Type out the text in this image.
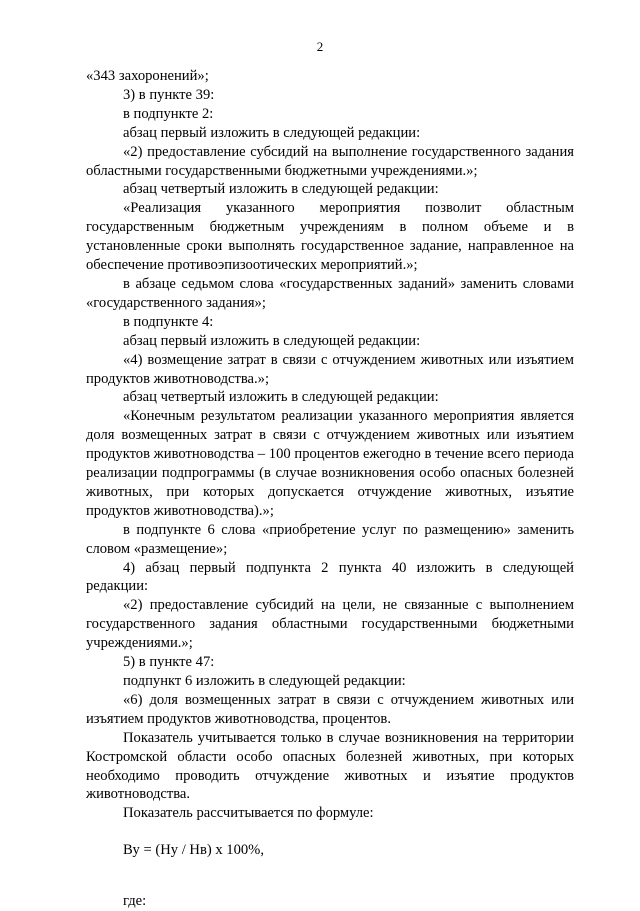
2

«343 захоронений»;

3) в пункте 39:

в подпункте 2:

абзац первый изложить в следующей редакции:

«2) предоставление субсидий на выполнение государственного задания областными государственными бюджетными учреждениями.»;

абзац четвертый изложить в следующей редакции:

«Реализация указанного мероприятия позволит областным государственным бюджетным учреждениям в полном объеме и в установленные сроки выполнять государственное задание, направленное на обеспечение противоэпизоотических мероприятий.»;

в абзаце седьмом слова «государственных заданий» заменить словами «государственного задания»;

в подпункте 4:

абзац первый изложить в следующей редакции:

«4) возмещение затрат в связи с отчуждением животных или изъятием продуктов животноводства.»;

абзац четвертый изложить в следующей редакции:

«Конечным результатом реализации указанного мероприятия является доля возмещенных затрат в связи с отчуждением животных или изъятием продуктов животноводства – 100 процентов ежегодно в течение всего периода реализации подпрограммы (в случае возникновения особо опасных болезней животных, при которых допускается отчуждение животных, изъятие продуктов животноводства).»;

в подпункте 6 слова «приобретение услуг по размещению» заменить словом «размещение»;

4) абзац первый подпункта 2 пункта 40 изложить в следующей редакции:

«2) предоставление субсидий на цели, не связанные с выполнением государственного задания областными государственными бюджетными учреждениями.»;

5) в пункте 47:

подпункт 6 изложить в следующей редакции:

«6) доля возмещенных затрат в связи с отчуждением животных или изъятием продуктов животноводства, процентов.

Показатель учитывается только в случае возникновения на территории Костромской области особо опасных болезней животных, при которых необходимо проводить отчуждение животных и изъятие продуктов животноводства.

Показатель рассчитывается по формуле:

Ву = (Ну / Нв) х 100%,

где:
